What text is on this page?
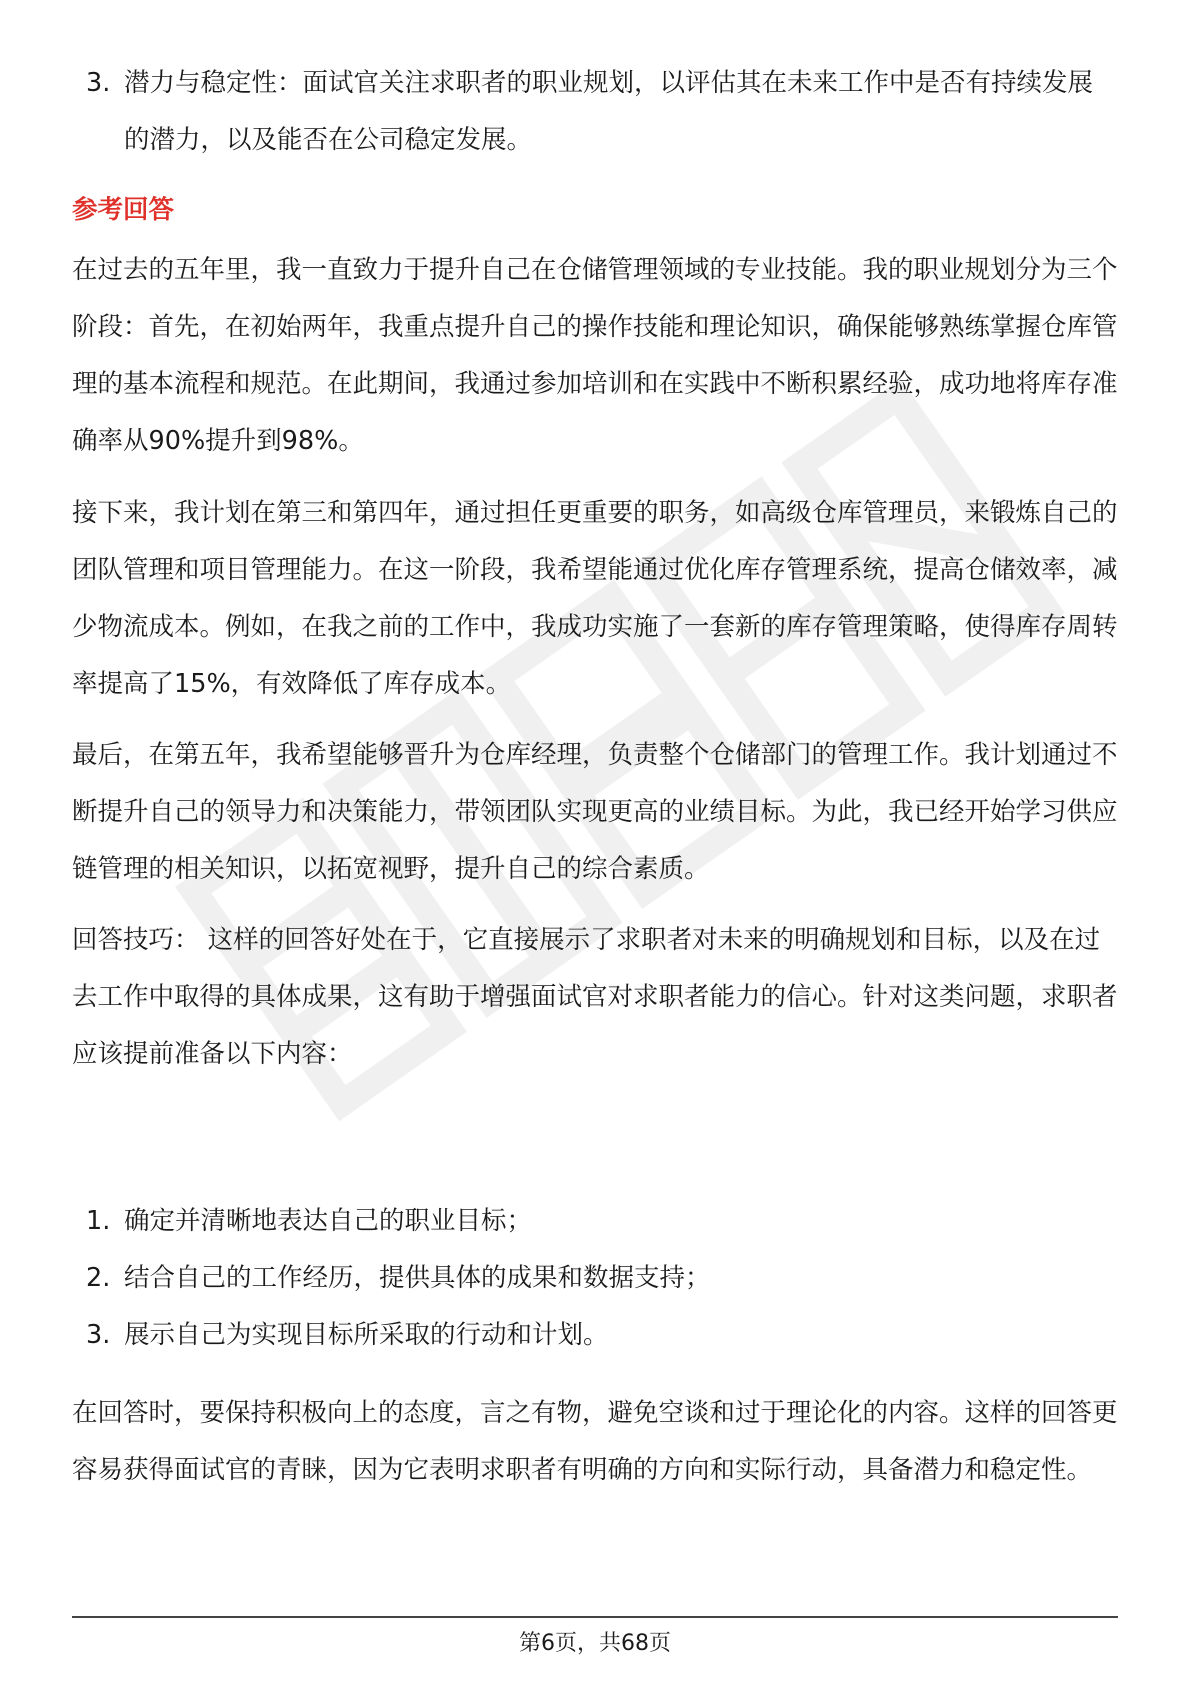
3. 潜力与稳定性：面试官关注求职者的职业规划，以评估其在未来工作中是否有持续发展的潜力，以及能否在公司稳定发展。
参考回答

在过去的五年里，我一直致力于提升自己在仓储管理领域的专业技能。我的职业规划分为三个阶段：首先，在初始两年，我重点提升自己的操作技能和理论知识，确保能够熟练掌握仓库管理的基本流程和规范。在此期间，我通过参加培训和在实践中不断积累经验，成功地将库存准确率从90%提升到98%。

接下来，我计划在第三和第四年，通过担任更重要的职务，如高级仓库管理员，来锻炼自己的团队管理和项目管理能力。在这一阶段，我希望能通过优化库存管理系统，提高仓储效率，减少物流成本。例如，在我之前的工作中，我成功实施了一套新的库存管理策略，使得库存周转率提高了15%，有效降低了库存成本。

最后，在第五年，我希望能够晋升为仓库经理，负责整个仓储部门的管理工作。我计划通过不断提升自己的领导力和决策能力，带领团队实现更高的业绩目标。为此，我已经开始学习供应链管理的相关知识，以拓宽视野，提升自己的综合素质。

回答技巧： 这样的回答好处在于，它直接展示了求职者对未来的明确规划和目标，以及在过去工作中取得的具体成果，这有助于增强面试官对求职者能力的信心。针对这类问题，求职者应该提前准备以下内容：

1. 确定并清晰地表达自己的职业目标；
2. 结合自己的工作经历，提供具体的成果和数据支持；
3. 展示自己为实现目标所采取的行动和计划。

在回答时，要保持积极向上的态度，言之有物，避免空谈和过于理论化的内容。这样的回答更容易获得面试官的青睐，因为它表明求职者有明确的方向和实际行动，具备潜力和稳定性。

第6页，共68页
